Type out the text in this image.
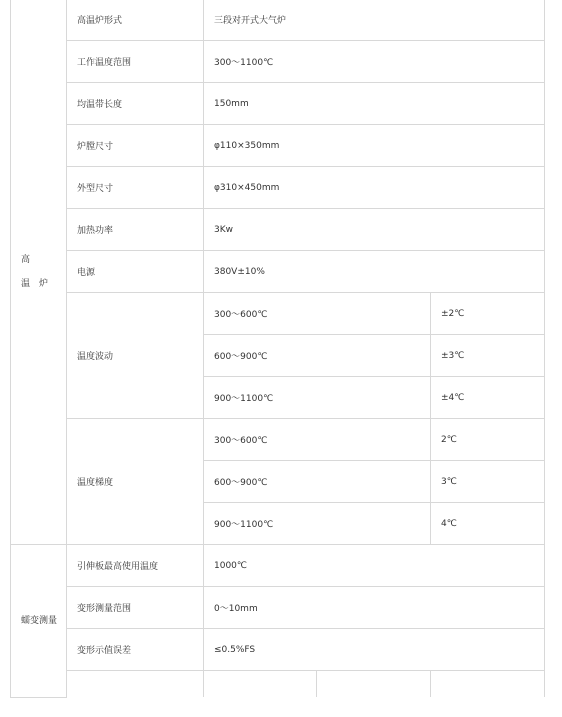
高
温　炉	高温炉形式	三段对开式大气炉		
	工作温度范围	300～1100℃		
	均温带长度	150mm		
	炉膛尺寸	φ110×350mm		
	外型尺寸	φ310×450mm		
	加热功率	3Kw		
	电源	380V±10%		
	温度波动	300～600℃		±2℃
		600～900℃		±3℃
		900～1100℃		±4℃
	温度梯度	300～600℃		2℃
		600～900℃		3℃
		900～1100℃		4℃

蠕变测量	引伸板最高使用温度	1000℃		
	变形测量范围	0～10mm		
	变形示值误差	≤0.5%FS		
